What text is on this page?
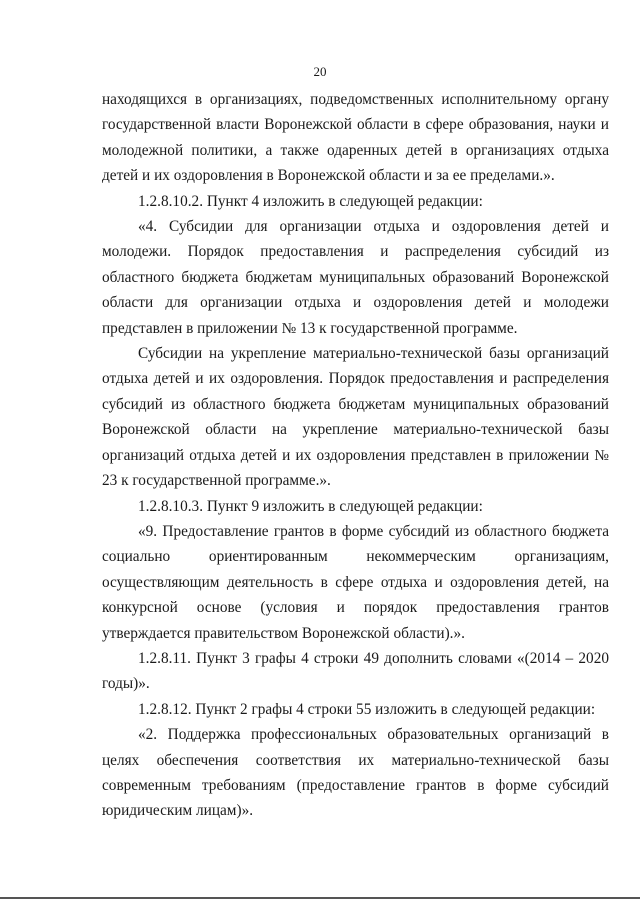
20

находящихся в организациях, подведомственных исполнительному органу государственной власти Воронежской области в сфере образования, науки и молодежной политики, а также одаренных детей в организациях отдыха детей и их оздоровления в Воронежской области и за ее пределами.».

1.2.8.10.2. Пункт 4 изложить в следующей редакции:

«4. Субсидии для организации отдыха и оздоровления детей и молодежи. Порядок предоставления и распределения субсидий из областного бюджета бюджетам муниципальных образований Воронежской области для организации отдыха и оздоровления детей и молодежи представлен в приложении № 13 к государственной программе.

Субсидии на укрепление материально-технической базы организаций отдыха детей и их оздоровления. Порядок предоставления и распределения субсидий из областного бюджета бюджетам муниципальных образований Воронежской области на укрепление материально-технической базы организаций отдыха детей и их оздоровления представлен в приложении № 23 к государственной программе.».

1.2.8.10.3. Пункт 9 изложить в следующей редакции:

«9. Предоставление грантов в форме субсидий из областного бюджета социально ориентированным некоммерческим организациям, осуществляющим деятельность в сфере отдыха и оздоровления детей, на конкурсной основе (условия и порядок предоставления грантов утверждается правительством Воронежской области).».

1.2.8.11. Пункт 3 графы 4 строки 49 дополнить словами «(2014 – 2020 годы)».

1.2.8.12. Пункт 2 графы 4 строки 55 изложить в следующей редакции:

«2. Поддержка профессиональных образовательных организаций в целях обеспечения соответствия их материально-технической базы современным требованиям (предоставление грантов в форме субсидий юридическим лицам)».
